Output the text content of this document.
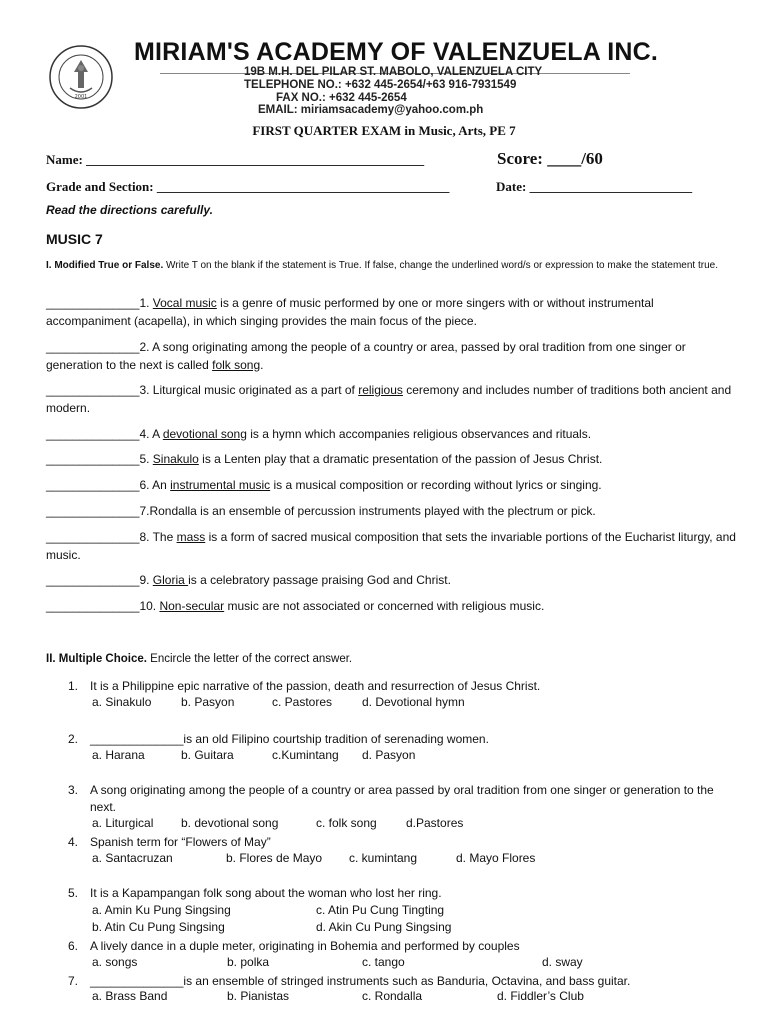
2001
MIRIAM'S ACADEMY OF VALENZUELA INC.
19B M.H. DEL PILAR ST. MABOLO, VALENZUELA CITY
TELEPHONE NO.: +632 445-2654/+63 916-7931549
FAX NO.: +632 445-2654
EMAIL: miriamsacademy@yahoo.com.ph
FIRST QUARTER EXAM in Music, Arts, PE 7
Name: ____________________________________________________	Score: ____/60
Grade and Section: _____________________________________________	Date: _________________________
Read the directions carefully.
MUSIC 7
I. Modified True or False. Write T on the blank if the statement is True. If false, change the underlined word/s or expression to make the statement true.
______________1. Vocal music is a genre of music performed by one or more singers with or without instrumental accompaniment (acapella), in which singing provides the main focus of the piece.
______________2. A song originating among the people of a country or area, passed by oral tradition from one singer or generation to the next is called folk song.
______________3. Liturgical music originated as a part of religious ceremony and includes number of traditions both ancient and modern.
______________4. A devotional song is a hymn which accompanies religious observances and rituals.
______________5. Sinakulo is a Lenten play that a dramatic presentation of the passion of Jesus Christ.
______________6. An instrumental music is a musical composition or recording without lyrics or singing.
______________7.Rondalla is an ensemble of percussion instruments played with the plectrum or pick.
______________8. The mass is a form of sacred musical composition that sets the invariable portions of the Eucharist liturgy, and music.
______________9. Gloria is a celebratory passage praising God and Christ.
______________10. Non-secular music are not associated or concerned with religious music.
II. Multiple Choice. Encircle the letter of the correct answer.
1. It is a Philippine epic narrative of the passion, death and resurrection of Jesus Christ.
a. Sinakulo b. Pasyon	c. Pastores d. Devotional hymn
2. ______________is an old Filipino courtship tradition of serenading women.
a. Harana	b. Guitara	c.Kumintang d. Pasyon
3. A song originating among the people of a country or area passed by oral tradition from one singer or generation to the next.
a. Liturgical b. devotional song	c. folk song d.Pastores
4. Spanish term for “Flowers of May”
a. Santacruzan	b. Flores de Mayo c. kumintang	d. Mayo Flores
5. It is a Kapampangan folk song about the woman who lost her ring.
a. Amin Ku Pung Singsing	c. Atin Pu Cung Tingting
b. Atin Cu Pung Singsing	d. Akin Cu Pung Singsing
6. A lively dance in a duple meter, originating in Bohemia and performed by couples
a. songs	b. polka	c. tango	d. sway
7. ______________is an ensemble of stringed instruments such as Banduria, Octavina, and bass guitar.
a. Brass Band	b. Pianistas	c. Rondalla	d. Fiddler’s Club
